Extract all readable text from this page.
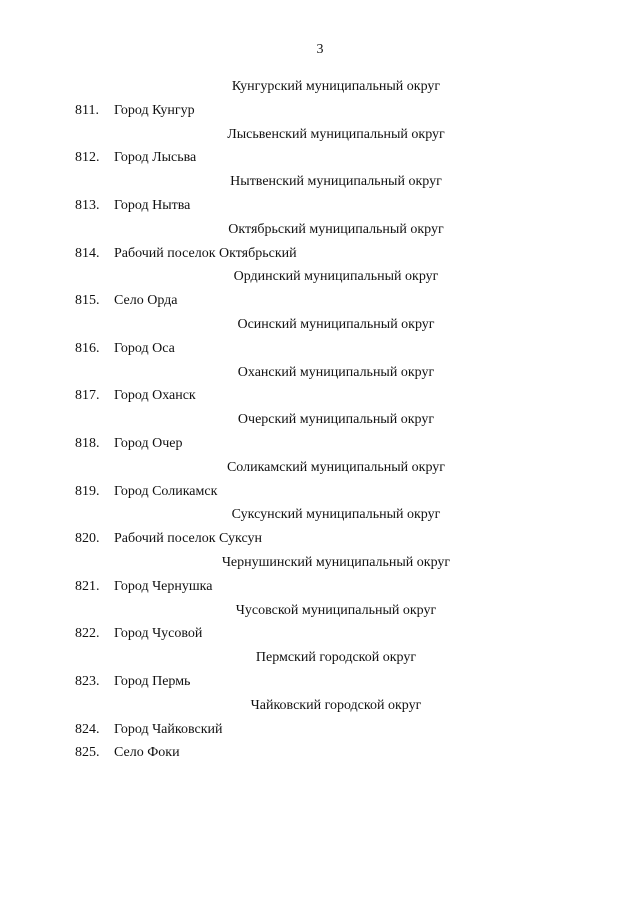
3
Кунгурский муниципальный округ
811. Город Кунгур
Лысьвенский муниципальный округ
812. Город Лысьва
Нытвенский муниципальный округ
813. Город Нытва
Октябрьский муниципальный округ
814. Рабочий поселок Октябрьский
Ординский муниципальный округ
815. Село Орда
Осинский муниципальный округ
816. Город Оса
Оханский муниципальный округ
817. Город Оханск
Очерский муниципальный округ
818. Город Очер
Соликамский муниципальный округ
819. Город Соликамск
Суксунский муниципальный округ
820. Рабочий поселок Суксун
Чернушинский муниципальный округ
821. Город Чернушка
Чусовской муниципальный округ
822. Город Чусовой
Пермский городской округ
823. Город Пермь
Чайковский городской округ
824. Город Чайковский
825. Село Фоки
